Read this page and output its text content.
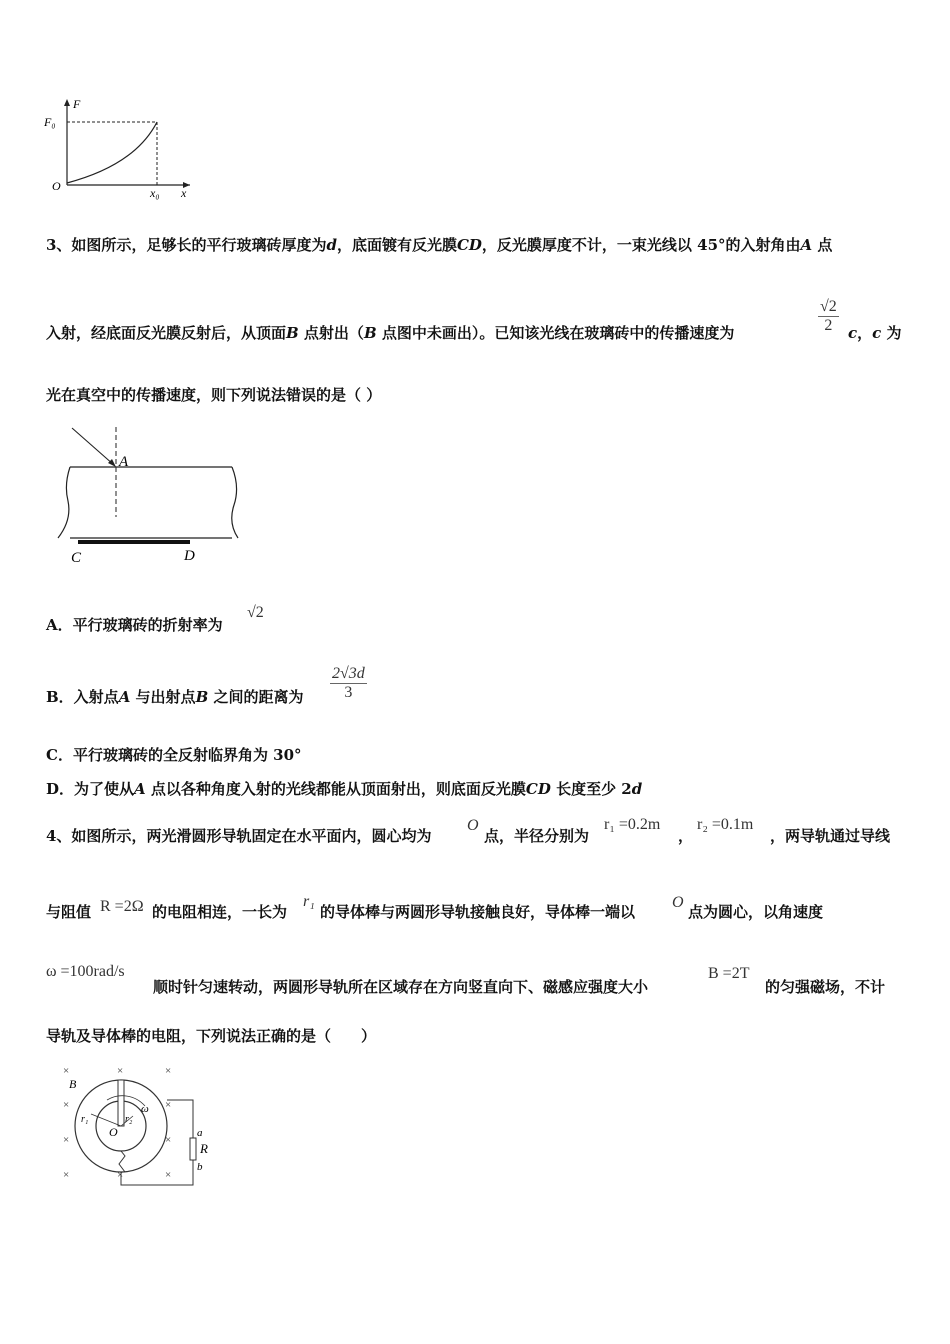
F
F₀
O	x₀ x
3、如图所示，足够长的平行玻璃砖厚度为d，底面镀有反光膜CD，反光膜厚度不计，一束光线以 45°的入射角由A 点
入射，经底面反光膜反射后，从顶面B 点射出（B 点图中未画出）。已知该光线在玻璃砖中的传播速度为	$\frac{√2}{2}$ c，c 为
光在真空中的传播速度，则下列说法错误的是（ ）
A
C	D
A．平行玻璃砖的折射率为
√2
B．入射点A 与出射点B 之间的距离为 $\frac{2√3d}{3}$
C．平行玻璃砖的全反射临界角为 30°
D．为了使从A 点以各种角度入射的光线都能从顶面射出，则底面反光膜CD 长度至少 2d
4、如图所示，两光滑圆形导轨固定在水平面内，圆心均为
O
点，半径分别为
r₁ =0.2m
，
r₂ =0.1m
，两导轨通过导线
与阻值 R =2Ω 的电阻相连，一长为
r₁
的导体棒与两圆形导轨接触良好，导体棒一端以
O
点为圆心，以角速度
ω =100rad/s
顺时针匀速转动，两圆形导轨所在区域存在方向竖直向下、磁感应强度大小
B =2T
的匀强磁场，不计
导轨及导体棒的电阻，下列说法正确的是（　　）
×	×	×
×	×
×	×
×	×	×
B
r₁	r₂
O
ω
a
R
b
